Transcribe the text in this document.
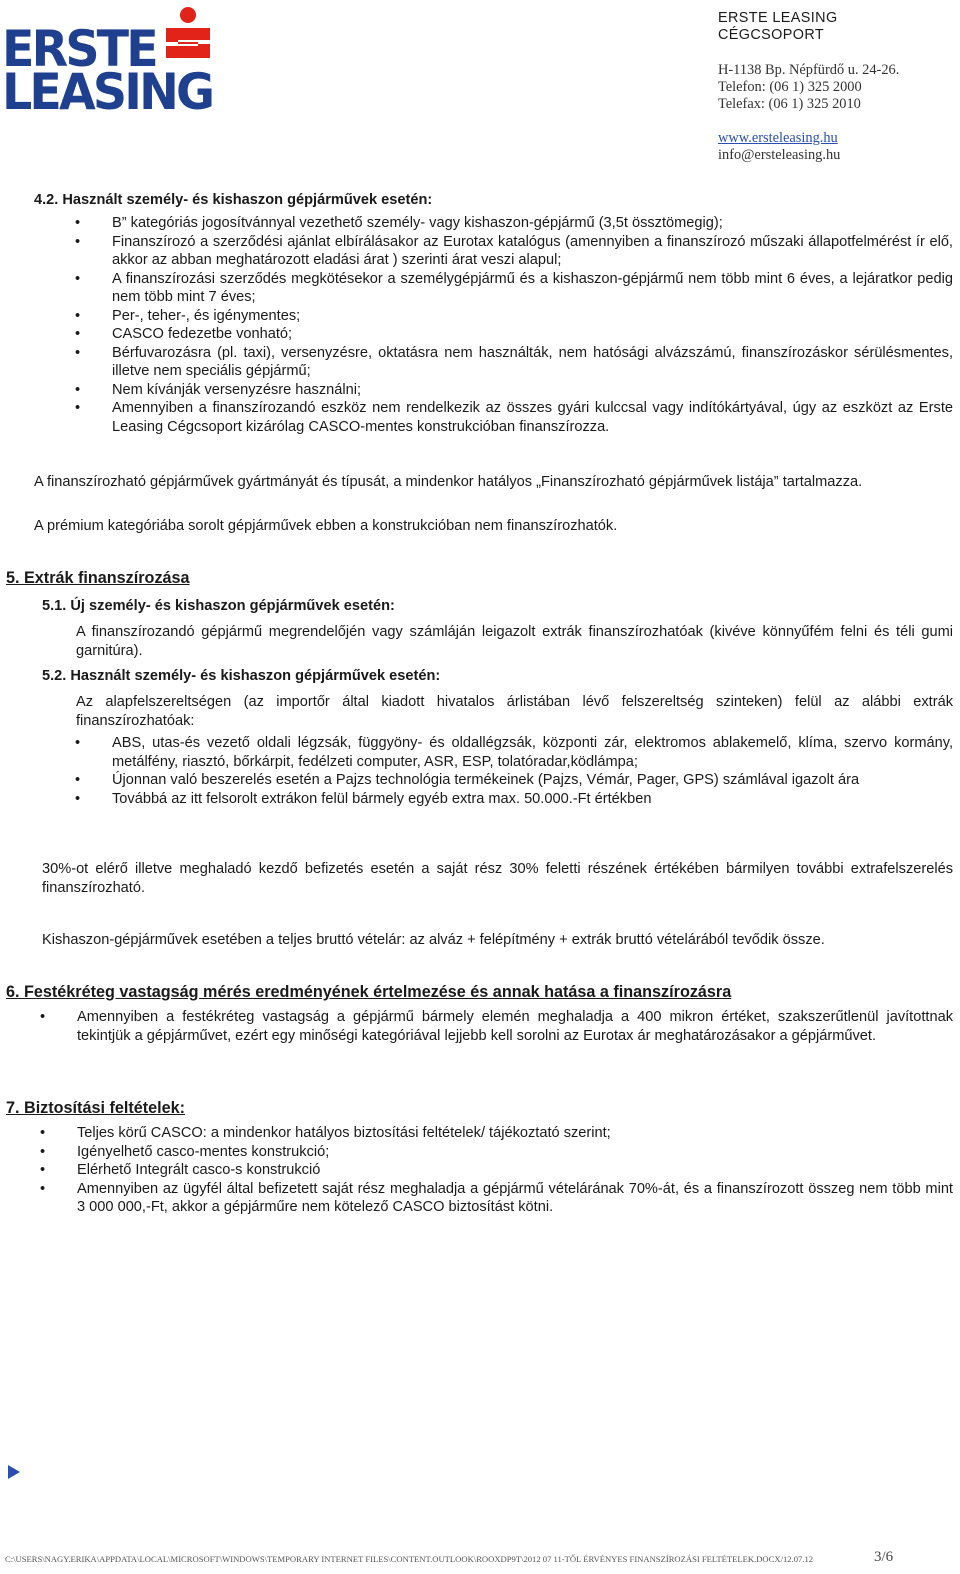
ERSTE
LEASING
ERSTE LEASING
CÉGCSOPORT
H-1138 Bp. Népfürdő u. 24-26.
Telefon: (06 1) 325 2000
Telefax: (06 1) 325 2010
www.ersteleasing.hu
info@ersteleasing.hu
4.2. Használt személy- és kishaszon gépjárművek esetén:
• B” kategóriás jogosítvánnyal vezethető személy- vagy kishaszon-gépjármű (3,5t össztömegig);
• Finanszírozó a szerződési ajánlat elbírálásakor az Eurotax katalógus (amennyiben a finanszírozó műszaki állapotfelmérést ír elő, akkor az abban meghatározott eladási árat ) szerinti árat veszi alapul;
• A finanszírozási szerződés megkötésekor a személygépjármű és a kishaszon-gépjármű nem több mint 6 éves, a lejáratkor pedig nem több mint 7 éves;
• Per-, teher-, és igénymentes;
• CASCO fedezetbe vonható;
• Bérfuvarozásra (pl. taxi), versenyzésre, oktatásra nem használták, nem hatósági alvázszámú, finanszírozáskor sérülésmentes, illetve nem speciális gépjármű;
• Nem kívánják versenyzésre használni;
• Amennyiben a finanszírozandó eszköz nem rendelkezik az összes gyári kulccsal vagy indítókártyával, úgy az eszközt az Erste Leasing Cégcsoport kizárólag CASCO-mentes konstrukcióban finanszírozza.
A finanszírozható gépjárművek gyártmányát és típusát, a mindenkor hatályos „Finanszírozható gépjárművek listája” tartalmazza.
A prémium kategóriába sorolt gépjárművek ebben a konstrukcióban nem finanszírozhatók.
5. Extrák finanszírozása
5.1. Új személy- és kishaszon gépjárművek esetén:
A finanszírozandó gépjármű megrendelőjén vagy számláján leigazolt extrák finanszírozhatóak (kivéve könnyűfém felni és téli gumi garnitúra).
5.2. Használt személy- és kishaszon gépjárművek esetén:
Az alapfelszereltségen (az importőr által kiadott hivatalos árlistában lévő felszereltség szinteken) felül az alábbi extrák finanszírozhatóak:
• ABS, utas-és vezető oldali légzsák, függyöny- és oldallégzsák, központi zár, elektromos ablakemelő, klíma, szervo kormány, metálfény, riasztó, bőrkárpit, fedélzeti computer, ASR, ESP, tolatóradar,ködlámpa;
• Újonnan való beszerelés esetén a Pajzs technológia termékeinek (Pajzs, Vémár, Pager, GPS) számlával igazolt ára
• Továbbá az itt felsorolt extrákon felül bármely egyéb extra max. 50.000.-Ft értékben
30%-ot elérő illetve meghaladó kezdő befizetés esetén a saját rész 30% feletti részének értékében bármilyen további extrafelszerelés finanszírozható.
Kishaszon-gépjárművek esetében a teljes bruttó vételár: az alváz + felépítmény + extrák bruttó vételárából tevődik össze.
6. Festékréteg vastagság mérés eredményének értelmezése és annak hatása a finanszírozásra
• Amennyiben a festékréteg vastagság a gépjármű bármely elemén meghaladja a 400 mikron értéket, szakszerűtlenül javítottnak tekintjük a gépjárművet, ezért egy minőségi kategóriával lejjebb kell sorolni az Eurotax ár meghatározásakor a gépjárművet.
7. Biztosítási feltételek:
• Teljes körű CASCO: a mindenkor hatályos biztosítási feltételek/ tájékoztató szerint;
• Igényelhető casco-mentes konstrukció;
• Elérhető Integrált casco-s konstrukció
• Amennyiben az ügyfél által befizetett saját rész meghaladja a gépjármű vételárának 70%-át, és a finanszírozott összeg nem több mint 3 000 000,-Ft, akkor a gépjárműre nem kötelező CASCO biztosítást kötni.
C:\USERS\NAGY.ERIKA\APPDATA\LOCAL\MICROSOFT\WINDOWS\TEMPORARY INTERNET FILES\CONTENT.OUTLOOK\ROOXDP9T\2012 07 11-TŐL ÉRVÉNYES FINANSZÍROZÁSI FELTÉTELEK.DOCX/12.07.12	3/6
